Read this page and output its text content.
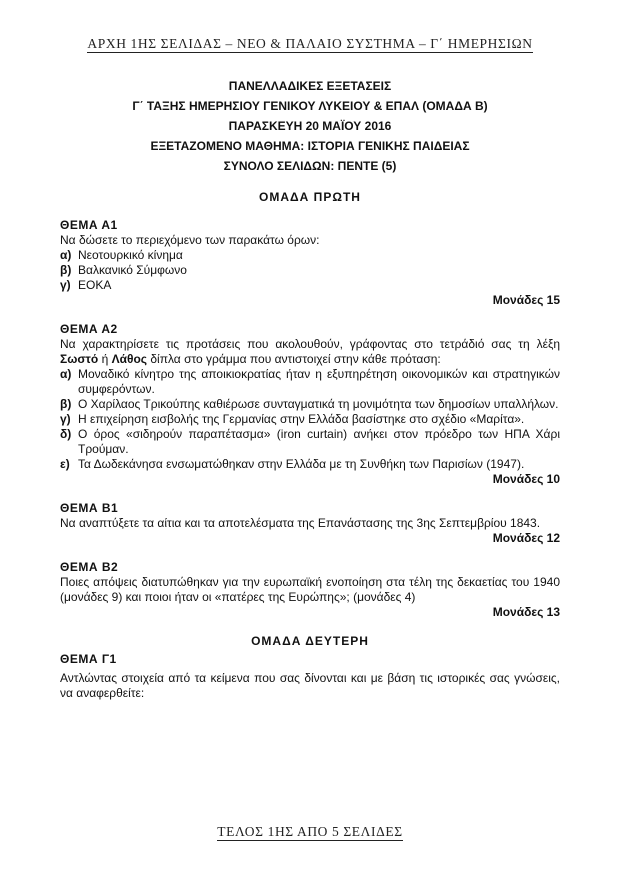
ΑΡΧΗ 1ΗΣ ΣΕΛΙΔΑΣ – ΝΕΟ & ΠΑΛΑΙΟ ΣΥΣΤΗΜΑ – Γ΄ ΗΜΕΡΗΣΙΩΝ
ΠΑΝΕΛΛΑΔΙΚΕΣ ΕΞΕΤΑΣΕΙΣ
Γ΄ ΤΑΞΗΣ ΗΜΕΡΗΣΙΟΥ ΓΕΝΙΚΟΥ ΛΥΚΕΙΟΥ & ΕΠΑΛ (ΟΜΑΔΑ Β)
ΠΑΡΑΣΚΕΥΗ 20 ΜΑΪΟΥ 2016
ΕΞΕΤΑΖΟΜΕΝΟ ΜΑΘΗΜΑ: ΙΣΤΟΡΙΑ ΓΕΝΙΚΗΣ ΠΑΙΔΕΙΑΣ
ΣΥΝΟΛΟ ΣΕΛΙΔΩΝ: ΠΕΝΤΕ (5)
ΟΜΑΔΑ ΠΡΩΤΗ
ΘΕΜΑ Α1
Να δώσετε το περιεχόμενο των παρακάτω όρων:
α) Νεοτουρκικό κίνημα
β) Βαλκανικό Σύμφωνο
γ) ΕΟΚΑ
Μονάδες 15
ΘΕΜΑ Α2
Να χαρακτηρίσετε τις προτάσεις που ακολουθούν, γράφοντας στο τετράδιό σας τη λέξη Σωστό ή Λάθος δίπλα στο γράμμα που αντιστοιχεί στην κάθε πρόταση:
α) Μοναδικό κίνητρο της αποικιοκρατίας ήταν η εξυπηρέτηση οικονομικών και στρατηγικών συμφερόντων.
β) Ο Χαρίλαος Τρικούπης καθιέρωσε συνταγματικά τη μονιμότητα των δημοσίων υπαλλήλων.
γ) Η επιχείρηση εισβολής της Γερμανίας στην Ελλάδα βασίστηκε στο σχέδιο «Μαρίτα».
δ) Ο όρος «σιδηρούν παραπέτασμα» (iron curtain) ανήκει στον πρόεδρο των ΗΠΑ Χάρι Τρούμαν.
ε) Τα Δωδεκάνησα ενσωματώθηκαν στην Ελλάδα με τη Συνθήκη των Παρισίων (1947).
Μονάδες 10
ΘΕΜΑ Β1
Να αναπτύξετε τα αίτια και τα αποτελέσματα της Επανάστασης της 3ης Σεπτεμβρίου 1843.
Μονάδες 12
ΘΕΜΑ Β2
Ποιες απόψεις διατυπώθηκαν για την ευρωπαϊκή ενοποίηση στα τέλη της δεκαετίας του 1940 (μονάδες 9) και ποιοι ήταν οι «πατέρες της Ευρώπης»; (μονάδες 4)
Μονάδες 13
ΟΜΑΔΑ ΔΕΥΤΕΡΗ
ΘΕΜΑ Γ1
Αντλώντας στοιχεία από τα κείμενα που σας δίνονται και με βάση τις ιστορικές σας γνώσεις, να αναφερθείτε:
ΤΕΛΟΣ 1ΗΣ ΑΠΟ 5 ΣΕΛΙΔΕΣ
